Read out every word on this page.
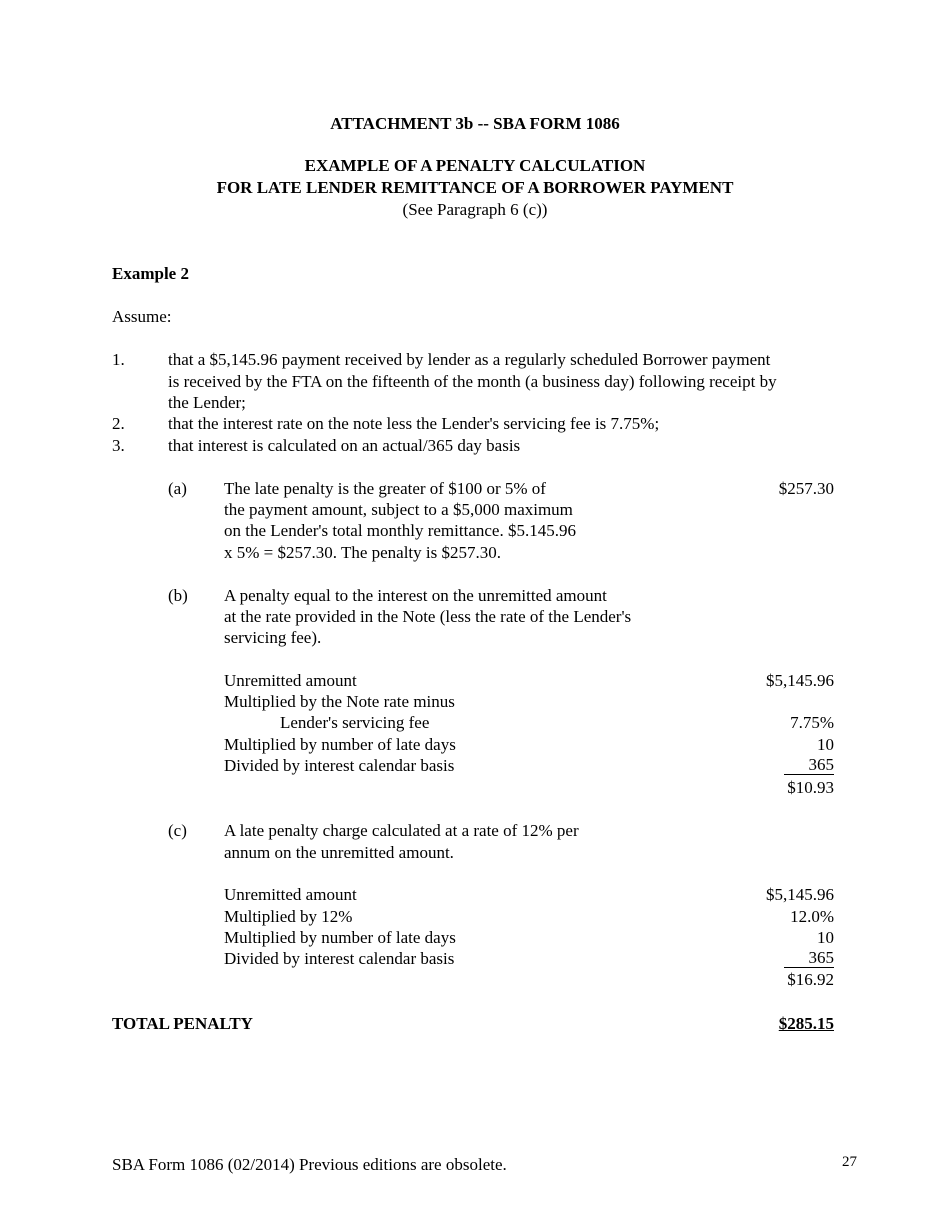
ATTACHMENT 3b -- SBA FORM 1086
EXAMPLE OF A PENALTY CALCULATION
FOR LATE LENDER REMITTANCE OF A BORROWER PAYMENT
(See Paragraph 6 (c))
Example 2
Assume:
1.	that a $5,145.96 payment received by lender as a regularly scheduled Borrower payment
is received by the FTA on the fifteenth of the month (a business day) following receipt by
the Lender;
2.	that the interest rate on the note less the Lender's servicing fee is 7.75%;
3.	that interest is calculated on an actual/365 day basis
(a) The late penalty is the greater of $100 or 5% of
the payment amount, subject to a $5,000 maximum
on the Lender's total monthly remittance. $5.145.96
x 5% = $257.30. The penalty is $257.30.
$257.30
(b) A penalty equal to the interest on the unremitted amount
at the rate provided in the Note (less the rate of the Lender's
servicing fee).
Unremitted amount	$5,145.96
Multiplied by the Note rate minus
Lender's servicing fee	7.75%
Multiplied by number of late days	10
Divided by interest calendar basis	365
$10.93
(c) A late penalty charge calculated at a rate of 12% per
annum on the unremitted amount.
Unremitted amount	$5,145.96
Multiplied by 12%	12.0%
Multiplied by number of late days	10
Divided by interest calendar basis	365
$16.92
TOTAL PENALTY	$285.15
SBA Form 1086 (02/2014) Previous editions are obsolete.	27
